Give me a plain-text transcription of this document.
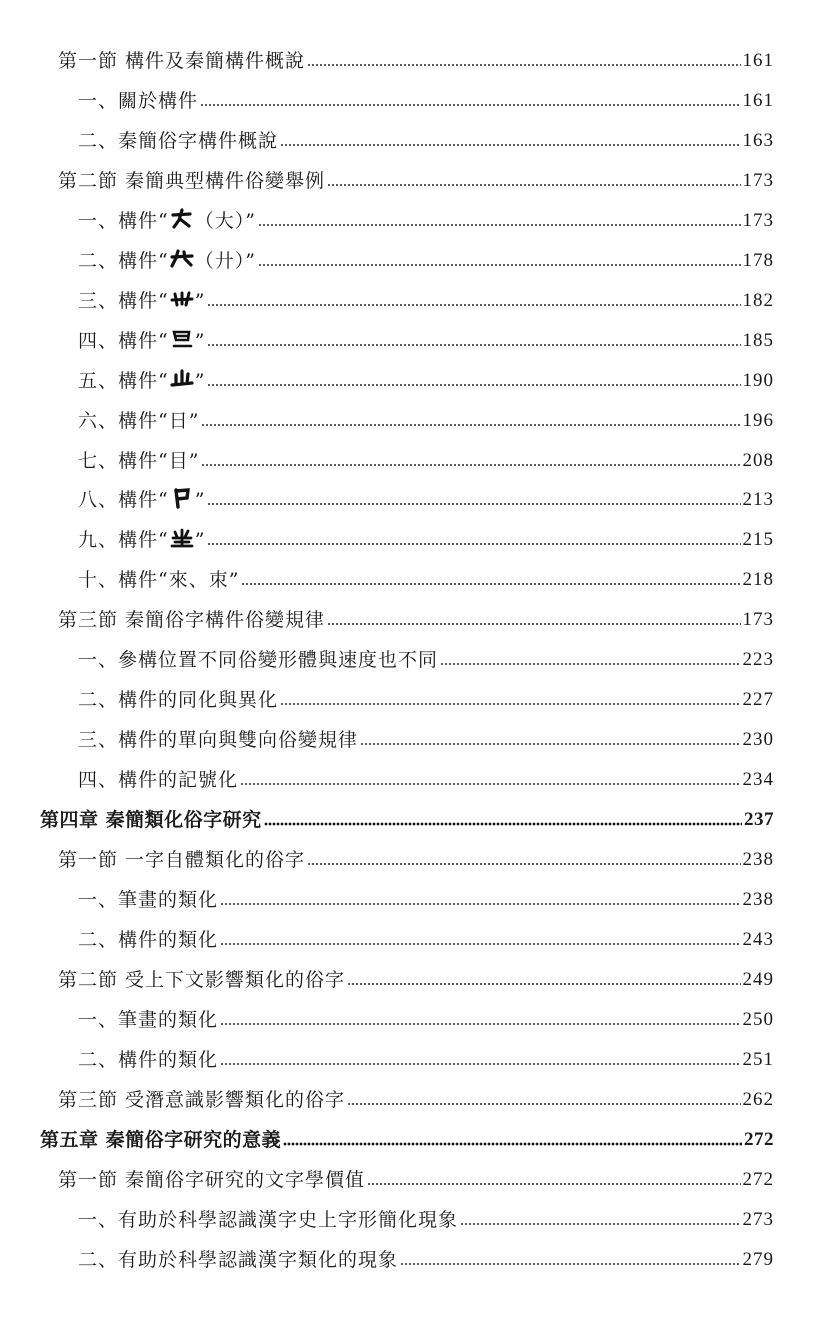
第一節 構件及秦簡構件概說	161
一、關於構件	161
二、秦簡俗字構件概說	163
第二節 秦簡典型構件俗變舉例	173
一、構件“ （大）”	173
二、構件“ （廾）”	178
三、構件“ ”	182
四、構件“ ”	185
五、構件“ ”	190
六、構件“日”	196
七、構件“目”	208
八、構件“ ”	213
九、構件“ ”	215
十、構件“來、朿”	218
第三節 秦簡俗字構件俗變規律	173
一、參構位置不同俗變形體與速度也不同	223
二、構件的同化與異化	227
三、構件的單向與雙向俗變規律	230
四、構件的記號化	234
第四章 秦簡類化俗字研究	237
第一節 一字自體類化的俗字	238
一、筆畫的類化	238
二、構件的類化	243
第二節 受上下文影響類化的俗字	249
一、筆畫的類化	250
二、構件的類化	251
第三節 受潛意識影響類化的俗字	262
第五章 秦簡俗字研究的意義	272
第一節 秦簡俗字研究的文字學價值	272
一、有助於科學認識漢字史上字形簡化現象	273
二、有助於科學認識漢字類化的現象	279
